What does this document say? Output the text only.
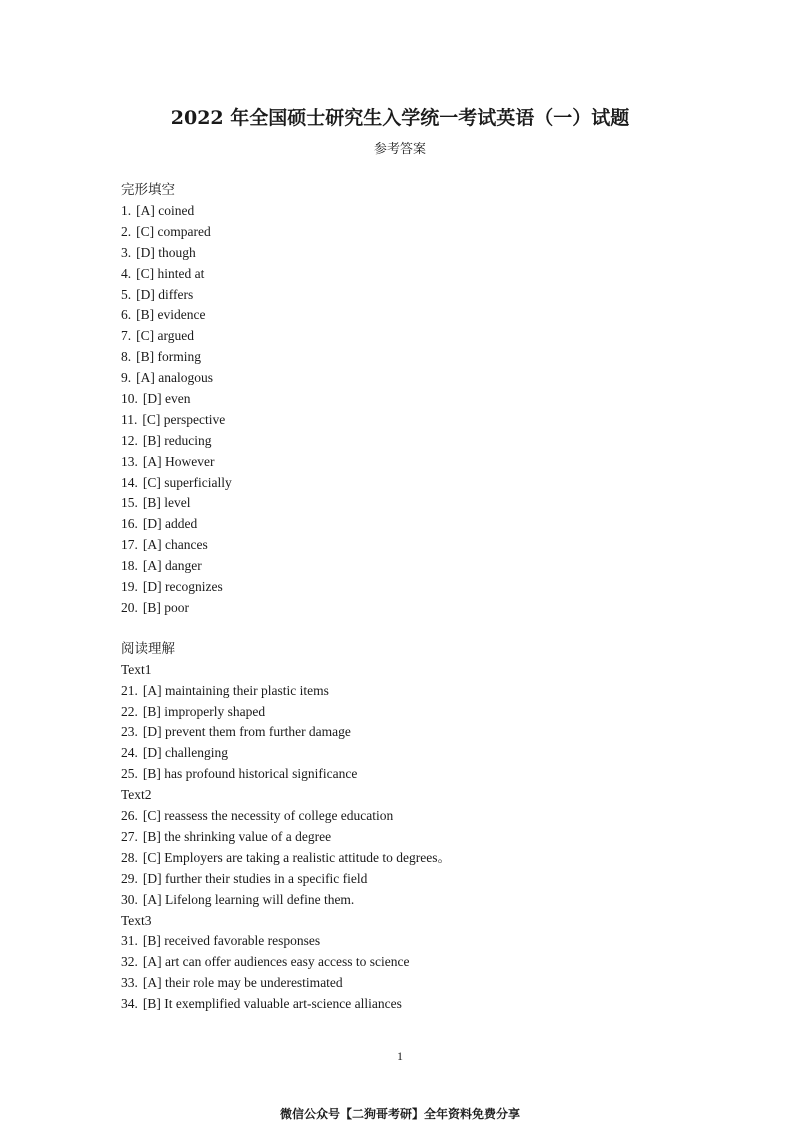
2022 年全国硕士研究生入学统一考试英语（一）试题
参考答案
完形填空
1. [A] coined
2. [C] compared
3. [D] though
4. [C] hinted at
5. [D] differs
6. [B] evidence
7. [C] argued
8. [B] forming
9. [A] analogous
10. [D] even
11. [C] perspective
12. [B] reducing
13. [A] However
14. [C] superficially
15. [B] level
16. [D] added
17. [A] chances
18. [A] danger
19. [D] recognizes
20. [B] poor
阅读理解
Text1
21. [A] maintaining their plastic items
22. [B] improperly shaped
23. [D] prevent them from further damage
24. [D] challenging
25. [B] has profound historical significance
Text2
26. [C] reassess the necessity of college education
27. [B] the shrinking value of a degree
28. [C] Employers are taking a realistic attitude to degrees。
29. [D] further their studies in a specific field
30. [A] Lifelong learning will define them.
Text3
31. [B] received favorable responses
32. [A] art can offer audiences easy access to science
33. [A] their role may be underestimated
34. [B] It exemplified valuable art-science alliances
1
微信公众号【二狗哥考研】全年资料免费分享
